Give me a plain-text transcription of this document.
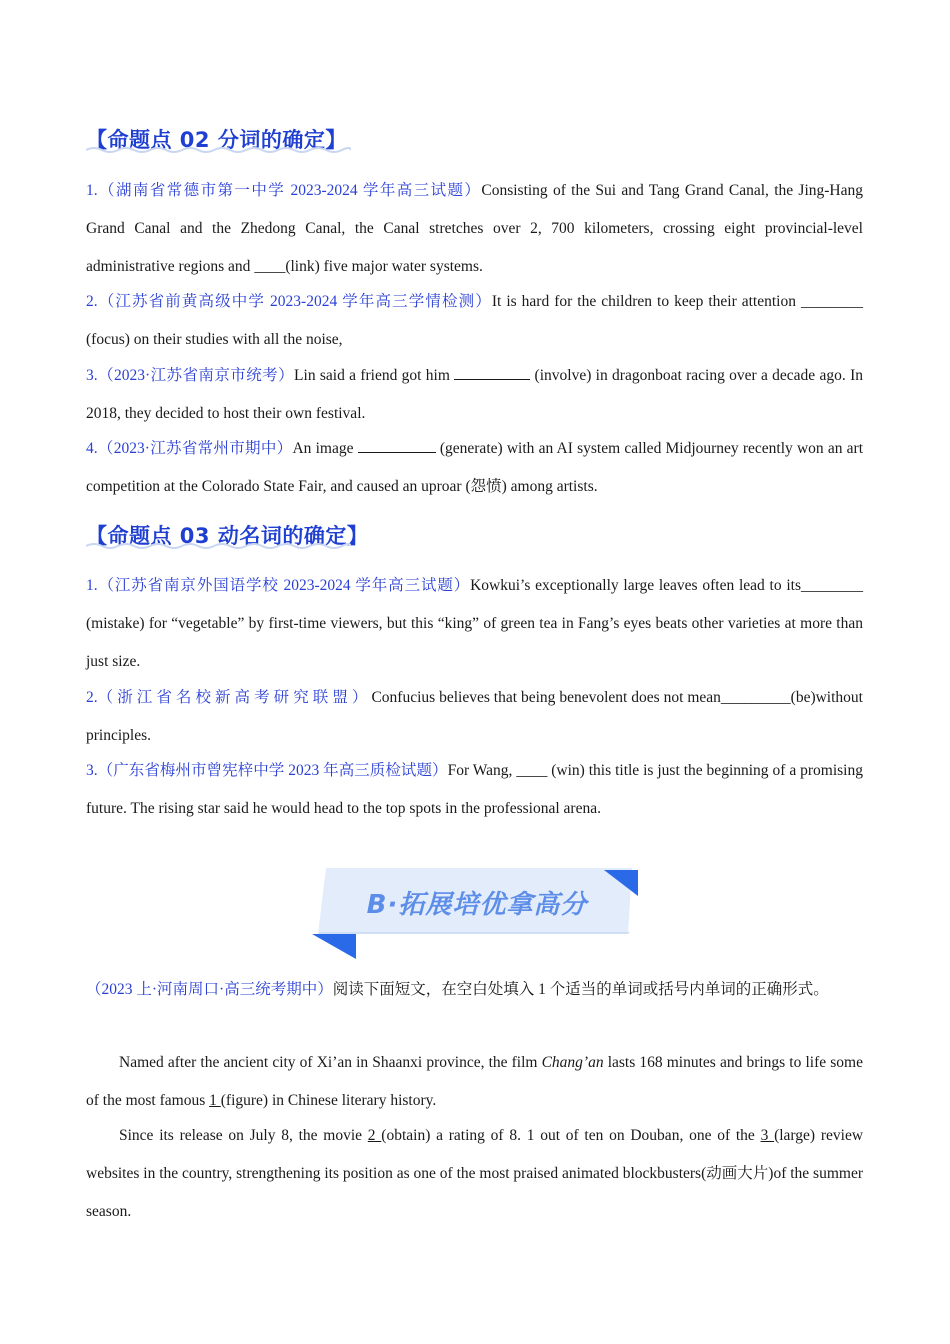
【命题点 02 分词的确定】
1.（湖南省常德市第一中学 2023-2024 学年高三试题）Consisting of the Sui and Tang Grand Canal, the Jing-Hang Grand Canal and the Zhedong Canal, the Canal stretches over 2, 700 kilometers, crossing eight provincial-level administrative regions and ____(link) five major water systems.
2.（江苏省前黄高级中学 2023-2024 学年高三学情检测）It is hard for the children to keep their attention ________ (focus) on their studies with all the noise,
3.（2023·江苏省南京市统考）Lin said a friend got him	(involve) in dragonboat racing over a decade ago. In 2018, they decided to host their own festival.
4.（2023·江苏省常州市期中）An image	(generate) with an AI system called Midjourney recently won an art competition at the Colorado State Fair, and caused an uproar (怨愤) among artists.
【命题点 03 动名词的确定】
1.（江苏省南京外国语学校 2023-2024 学年高三试题）Kowkui’s exceptionally large leaves often lead to its________ (mistake) for “vegetable” by first-time viewers, but this “king” of green tea in Fang’s eyes beats other varieties at more than just size.
2.（浙江省名校新高考研究联盟）Confucius believes that being benevolent does not mean_________(be)without principles.
3.（广东省梅州市曾宪梓中学 2023 年高三质检试题）For Wang, ____ (win) this title is just the beginning of a promising future. The rising star said he would head to the top spots in the professional arena.
（2023 上·河南周口·高三统考期中）阅读下面短文，在空白处填入 1 个适当的单词或括号内单词的正确形式。
Named after the ancient city of Xi’an in Shaanxi province, the film Chang’an lasts 168 minutes and brings to life some of the most famous 1 (figure) in Chinese literary history.
Since its release on July 8, the movie 2 (obtain) a rating of 8. 1 out of ten on Douban, one of the 3 (large) review websites in the country, strengthening its position as one of the most praised animated blockbusters(动画大片)of the summer season.
B·拓展培优拿高分
